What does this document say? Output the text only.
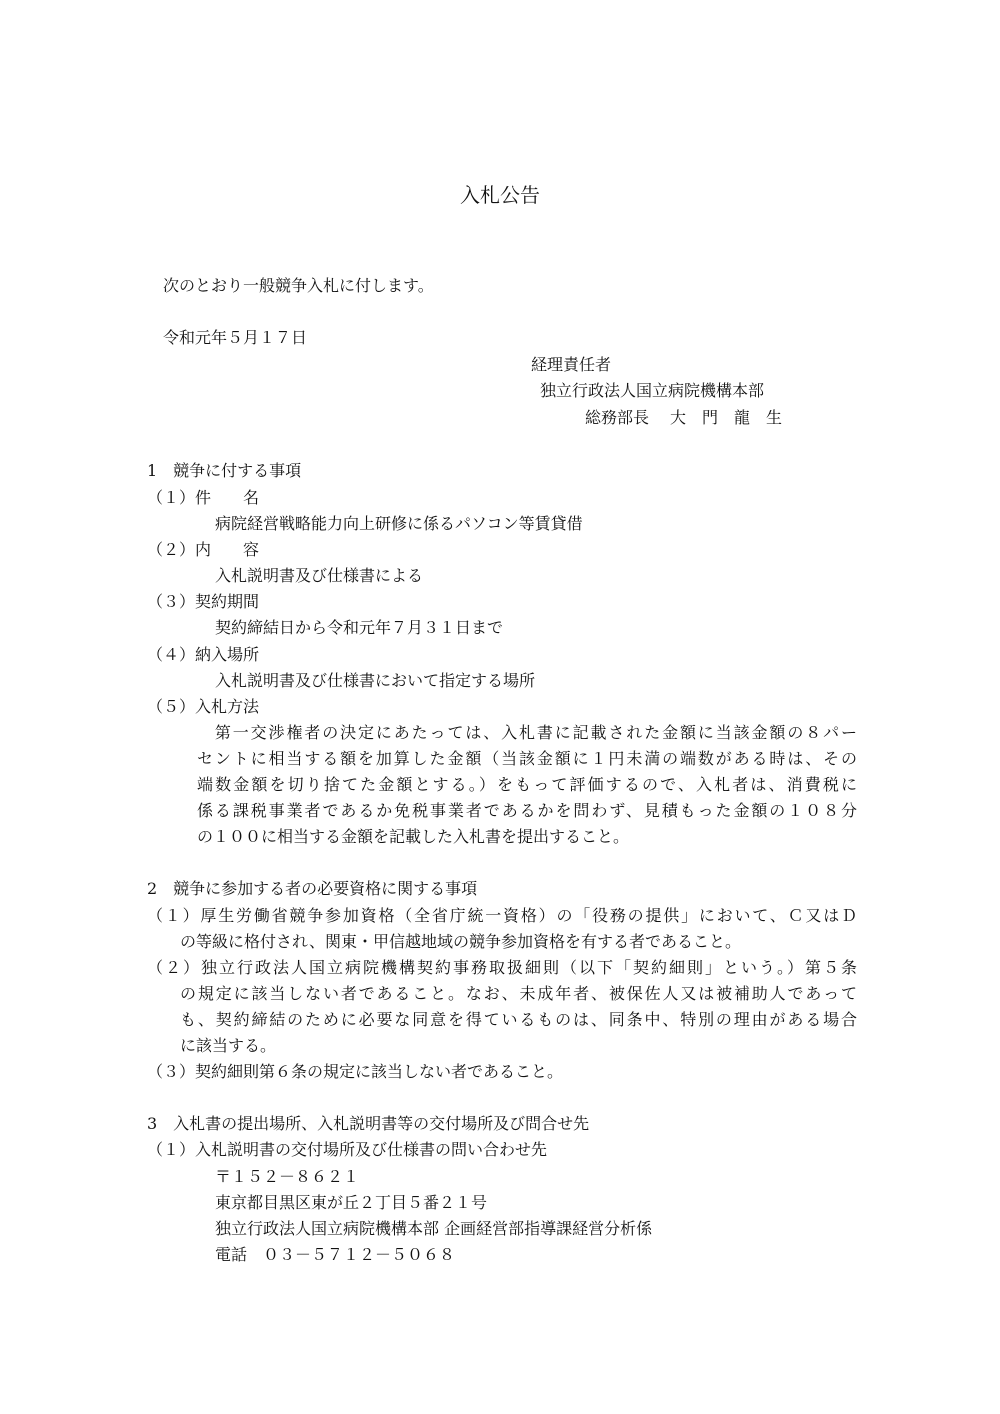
入札公告
次のとおり一般競争入札に付します。
令和元年５月１７日
経理責任者
独立行政法人国立病院機構本部
総務部長 大　門　龍　生
1　競争に付する事項
（１）件　　名
病院経営戦略能力向上研修に係るパソコン等賃貸借
（２）内　　容
入札説明書及び仕様書による
（３）契約期間
契約締結日から令和元年７月３１日まで
（４）納入場所
入札説明書及び仕様書において指定する場所
（５）入札方法
　第一交渉権者の決定にあたっては、入札書に記載された金額に当該金額の８パー
セントに相当する額を加算した金額（当該金額に１円未満の端数がある時は、その
端数金額を切り捨てた金額とする。）をもって評価するので、入札者は、消費税に
係る課税事業者であるか免税事業者であるかを問わず、見積もった金額の１０８分
の１００に相当する金額を記載した入札書を提出すること。
2　競争に参加する者の必要資格に関する事項
（１）厚生労働省競争参加資格（全省庁統一資格）の「役務の提供」において、Ｃ又はＤ
の等級に格付され、関東・甲信越地域の競争参加資格を有する者であること。
（２）独立行政法人国立病院機構契約事務取扱細則（以下「契約細則」という。）第５条
の規定に該当しない者であること。なお、未成年者、被保佐人又は被補助人であって
も、契約締結のために必要な同意を得ているものは、同条中、特別の理由がある場合
に該当する。
（３）契約細則第６条の規定に該当しない者であること。
3　入札書の提出場所、入札説明書等の交付場所及び問合せ先
（１）入札説明書の交付場所及び仕様書の問い合わせ先
〒１５２－８６２１
東京都目黒区東が丘２丁目５番２１号
独立行政法人国立病院機構本部 企画経営部指導課経営分析係
電話　０３－５７１２－５０６８
